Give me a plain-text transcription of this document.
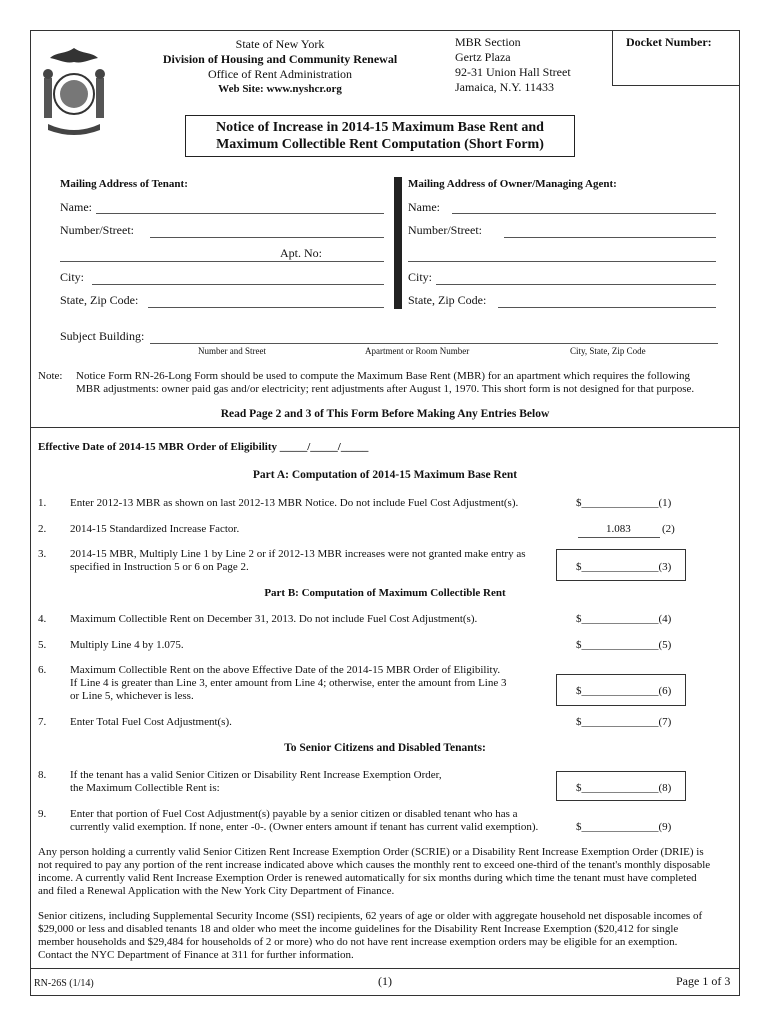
Docket Number:
State of New York
Division of Housing and Community Renewal
Office of Rent Administration
Web Site: www.nyshcr.org
MBR Section
Gertz Plaza
92-31 Union Hall Street
Jamaica, N.Y. 11433
Notice of Increase in 2014-15 Maximum Base Rent and
Maximum Collectible Rent Computation (Short Form)
Mailing Address of Tenant:
Name:
Number/Street:
Apt. No:
City:
State, Zip Code:
Mailing Address of Owner/Managing Agent:
Name:
Number/Street:
City:
State, Zip Code:
Subject Building:
Number and Street	Apartment or Room Number	City, State, Zip Code
Note: Notice Form RN-26-Long Form should be used to compute the Maximum Base Rent (MBR) for an apartment which requires the following
MBR adjustments: owner paid gas and/or electricity; rent adjustments after August 1, 1970. This short form is not designed for that purpose.
Read Page 2 and 3 of This Form Before Making Any Entries Below
Effective Date of 2014-15 MBR Order of Eligibility _____/_____/_____
Part A: Computation of 2014-15 Maximum Base Rent
1. Enter 2012-13 MBR as shown on last 2012-13 MBR Notice. Do not include Fuel Cost Adjustment(s).	$______________(1)
2. 2014-15 Standardized Increase Factor.	1.083	(2)
3. 2014-15 MBR, Multiply Line 1 by Line 2 or if 2012-13 MBR increases were not granted make entry as
specified in Instruction 5 or 6 on Page 2.	$______________(3)
Part B: Computation of Maximum Collectible Rent
4. Maximum Collectible Rent on December 31, 2013. Do not include Fuel Cost Adjustment(s).	$______________(4)
5. Multiply Line 4 by 1.075.	$______________(5)
6. Maximum Collectible Rent on the above Effective Date of the 2014-15 MBR Order of Eligibility.
If Line 4 is greater than Line 3, enter amount from Line 4; otherwise, enter the amount from Line 3
or Line 5, whichever is less.	$______________(6)
7. Enter Total Fuel Cost Adjustment(s).	$______________(7)
To Senior Citizens and Disabled Tenants:
8. If the tenant has a valid Senior Citizen or Disability Rent Increase Exemption Order,
the Maximum Collectible Rent is:	$______________(8)
9. Enter that portion of Fuel Cost Adjustment(s) payable by a senior citizen or disabled tenant who has a
currently valid exemption. If none, enter -0-. (Owner enters amount if tenant has current valid exemption).	$______________(9)
Any person holding a currently valid Senior Citizen Rent Increase Exemption Order (SCRIE) or a Disability Rent Increase Exemption Order (DRIE) is
not required to pay any portion of the rent increase indicated above which causes the monthly rent to exceed one-third of the tenant's monthly disposable
income. A currently valid Rent Increase Exemption Order is renewed automatically for six months during which time the tenant must have completed
and filed a Renewal Application with the New York City Department of Finance.
Senior citizens, including Supplemental Security Income (SSI) recipients, 62 years of age or older with aggregate household net disposable incomes of
$29,000 or less and disabled tenants 18 and older who meet the income guidelines for the Disability Rent Increase Exemption ($20,412 for single
member households and $29,484 for households of 2 or more) who do not have rent increase exemption orders may be eligible for an exemption.
Contact the NYC Department of Finance at 311 for further information.
RN-26S (1/14)	(1)	Page 1 of 3
